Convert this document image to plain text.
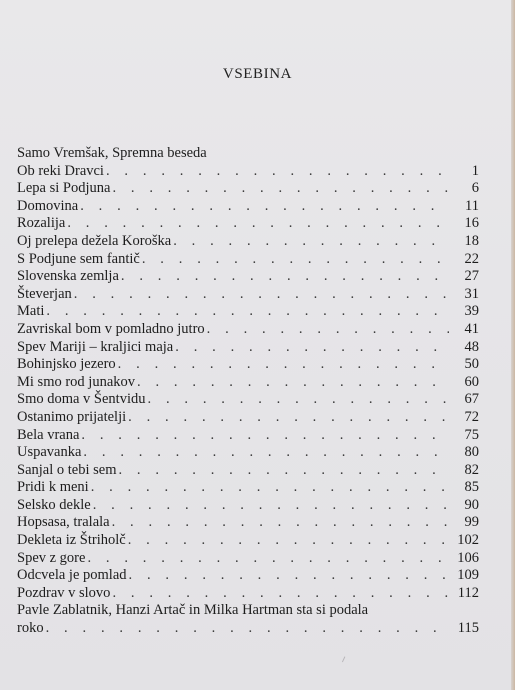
VSEBINA
Samo Vremšak, Spremna beseda
Ob reki Dravci . . .	1
Lepa si Podjuna . . .	6
Domovina . . .	11
Rozalija . . .	16
Oj prelepa dežela Koroška . . .	18
S Podjune sem fantič . . .	22
Slovenska zemlja . . .	27
Števerjan . . .	31
Mati . . .	39
Zavriskal bom v pomladno jutro . . .	41
Spev Mariji – kraljici maja . . .	48
Bohinjsko jezero . . .	50
Mi smo rod junakov . . .	60
Smo doma v Šentvidu . . .	67
Ostanimo prijatelji . . .	72
Bela vrana . . .	75
Uspavanka . . .	80
Sanjal o tebi sem . . .	82
Pridi k meni . . .	85
Selsko dekle . . .	90
Hopsasa, tralala . . .	99
Dekleta iz Štriholč . . .	102
Spev z gore . . .	106
Odcvela je pomlad . . .	109
Pozdrav v slovo . . .	112
Pavle Zablatnik, Hanzi Artač in Milka Hartman sta si podala
roko . . .	115
